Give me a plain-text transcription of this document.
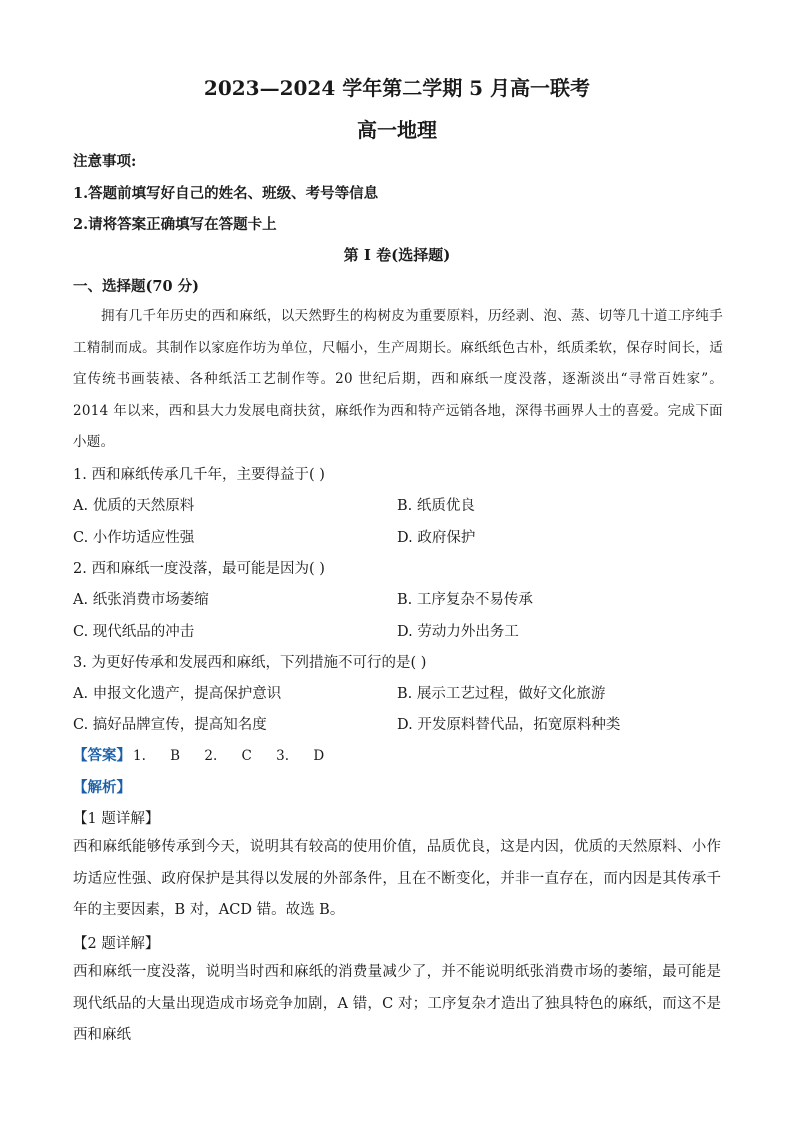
2023—2024 学年第二学期 5 月高一联考
高一地理
注意事项:
1.答题前填写好自己的姓名、班级、考号等信息
2.请将答案正确填写在答题卡上
第 I 卷(选择题)
一、选择题(70 分)
拥有几千年历史的西和麻纸，以天然野生的构树皮为重要原料，历经剥、泡、蒸、切等几十道工序纯手工精制而成。其制作以家庭作坊为单位，尺幅小，生产周期长。麻纸纸色古朴，纸质柔软，保存时间长，适宜传统书画装裱、各种纸活工艺制作等。20 世纪后期，西和麻纸一度没落，逐渐淡出“寻常百姓家”。2014 年以来，西和县大力发展电商扶贫，麻纸作为西和特产远销各地，深得书画界人士的喜爱。完成下面小题。
1. 西和麻纸传承几千年，主要得益于( )
A. 优质的天然原料	B. 纸质优良
C. 小作坊适应性强	D. 政府保护
2. 西和麻纸一度没落，最可能是因为( )
A. 纸张消费市场萎缩	B. 工序复杂不易传承
C. 现代纸品的冲击	D. 劳动力外出务工
3. 为更好传承和发展西和麻纸，下列措施不可行的是( )
A. 申报文化遗产，提高保护意识	B. 展示工艺过程，做好文化旅游
C. 搞好品牌宣传，提高知名度	D. 开发原料替代品，拓宽原料种类
【答案】 1. B 2. C 3. D
【解析】
【1 题详解】
西和麻纸能够传承到今天，说明其有较高的使用价值，品质优良，这是内因，优质的天然原料、小作坊适应性强、政府保护是其得以发展的外部条件，且在不断变化，并非一直存在，而内因是其传承千年的主要因素，B 对，ACD 错。故选 B。
【2 题详解】
西和麻纸一度没落，说明当时西和麻纸的消费量减少了，并不能说明纸张消费市场的萎缩，最可能是现代纸品的大量出现造成市场竞争加剧，A 错，C 对；工序复杂才造出了独具特色的麻纸，而这不是西和麻纸
